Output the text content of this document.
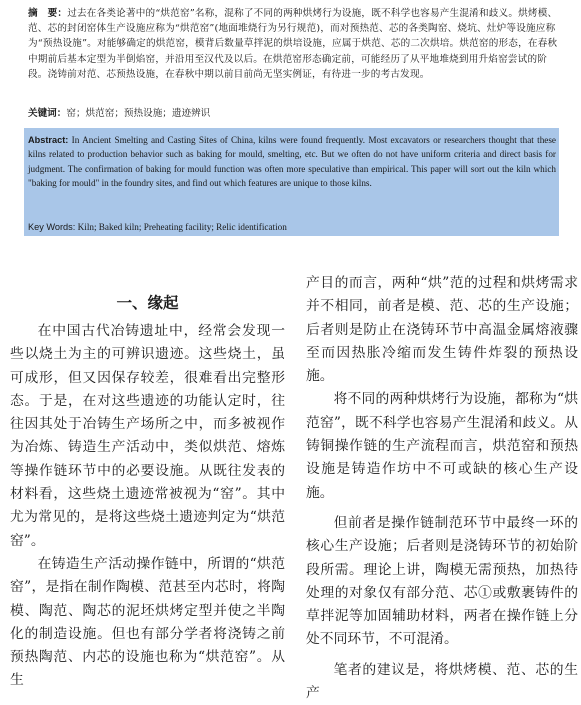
摘　要：过去在各类论著中的“烘范窑”名称，混称了不同的两种烘烤行为设施，既不科学也容易产生混淆和歧义。烘烤模、范、芯的封闭窑体生产设施应称为“烘范窑”(地面堆烧行为另行规范)，而对预热范、芯的各类陶窑、烧坑、灶炉等设施应称为“预热设施”。对能够确定的烘范窑，模背后数量草拌泥的烘培设施，应属于烘范、芯的二次烘培。烘范窑的形态，在春秋中期前后基本定型为半倒焰窑，并沿用至汉代及以后。在烘范窑形态确定前，可能经历了从平地堆烧到用升焰窑尝试的阶段。浇铸前对范、芯预热设施，在春秋中期以前目前尚无坚实例证，有待进一步的考古发现。
关键词：窑；烘范窑；预热设施；遗迹辨识
Abstract: In Ancient Smelting and Casting Sites of China, kilns were found frequently. Most excavators or researchers thought that these kilns related to production behavior such as baking for mould, smelting, etc. But we often do not have uniform criteria and direct basis for judgment. The confirmation of baking for mould function was often more speculative than empirical. This paper will sort out the kiln which "baking for mould" in the foundry sites, and find out which features are unique to those kilns.
Key Words: Kiln; Baked kiln; Preheating facility; Relic identification
一、缘起

在中国古代冶铸遗址中，经常会发现一些以烧土为主的可辨识遗迹。这些烧土，虽可成形，但又因保存较差，很难看出完整形态。于是，在对这些遗迹的功能认定时，往往因其处于冶铸生产场所之中，而多被视作为冶炼、铸造生产活动中，类似烘范、熔炼等操作链环节中的必要设施。从既往发表的材料看，这些烧土遗迹常被视为“窑”。其中尤为常见的，是将这些烧土遗迹判定为“烘范窑”。

在铸造生产活动操作链中，所谓的“烘范窑”，是指在制作陶模、范甚至内芯时，将陶模、陶范、陶芯的泥坯烘烤定型并使之半陶化的制造设施。但也有部分学者将浇铸之前预热陶范、内芯的设施也称为“烘范窑”。从生

产目的而言，两种“烘”范的过程和烘烤需求并不相同，前者是模、范、芯的生产设施；后者则是防止在浇铸环节中高温金属熔液骤至而因热胀冷缩而发生铸件炸裂的预热设施。

将不同的两种烘烤行为设施，都称为“烘范窑”，既不科学也容易产生混淆和歧义。从铸铜操作链的生产流程而言，烘范窑和预热设施是铸造作坊中不可或缺的核心生产设施。

但前者是操作链制范环节中最终一环的核心生产设施；后者则是浇铸环节的初始阶段所需。理论上讲，陶模无需预热，加热待处理的对象仅有部分范、芯①或敷裹铸件的草拌泥等加固辅助材料，两者在操作链上分处不同环节，不可混淆。

笔者的建议是，将烘烤模、范、芯的生产
